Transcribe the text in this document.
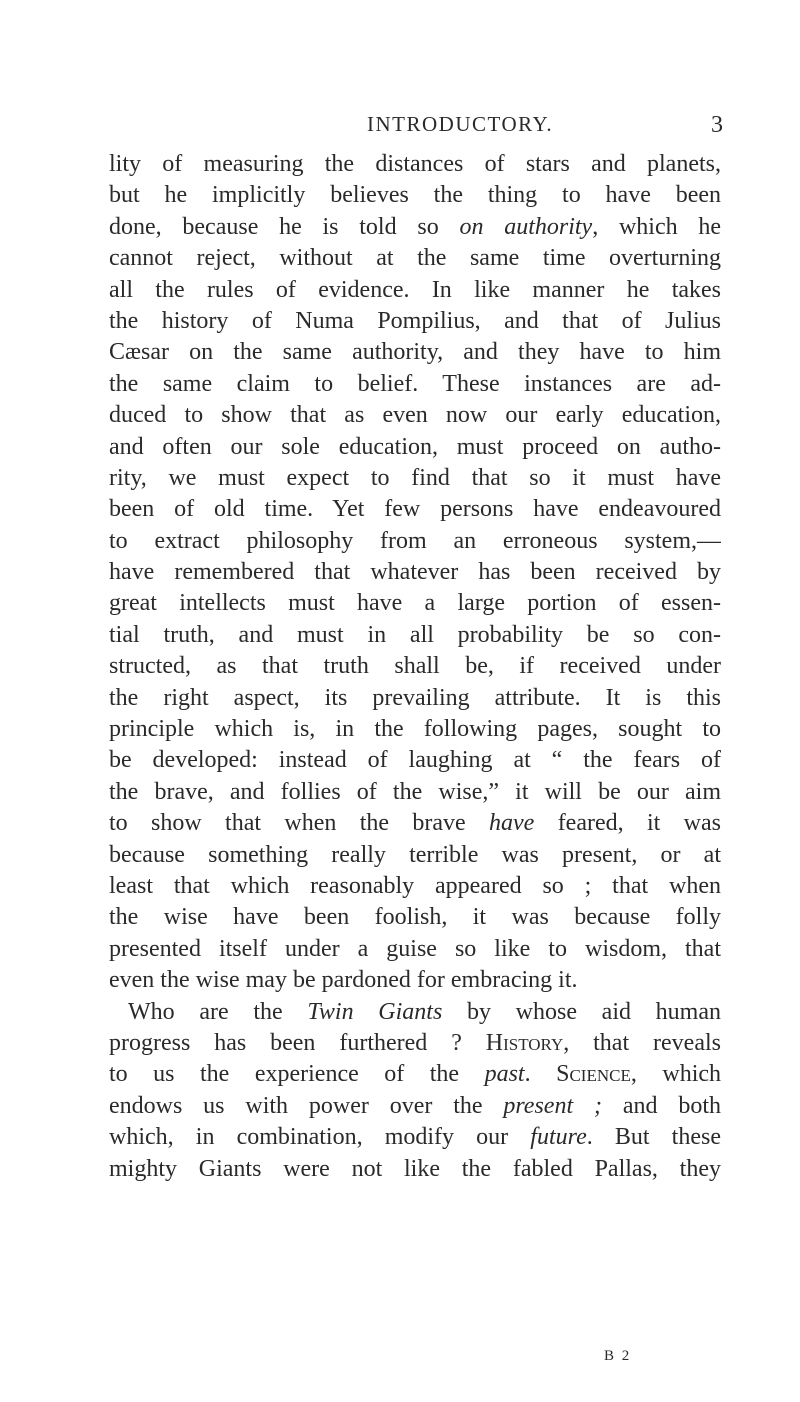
INTRODUCTORY.	3
lity of measuring the distances of stars and planets,
but he implicitly believes the thing to have been
done, because he is told so on authority, which he
cannot reject, without at the same time overturning
all the rules of evidence. In like manner he takes
the history of Numa Pompilius, and that of Julius
Cæsar on the same authority, and they have to him
the same claim to belief. These instances are ad-
duced to show that as even now our early education,
and often our sole education, must proceed on autho-
rity, we must expect to find that so it must have
been of old time. Yet few persons have endeavoured
to extract philosophy from an erroneous system,—
have remembered that whatever has been received by
great intellects must have a large portion of essen-
tial truth, and must in all probability be so con-
structed, as that truth shall be, if received under
the right aspect, its prevailing attribute. It is this
principle which is, in the following pages, sought to
be developed: instead of laughing at “ the fears of
the brave, and follies of the wise,” it will be our aim
to show that when the brave have feared, it was
because something really terrible was present, or at
least that which reasonably appeared so ; that when
the wise have been foolish, it was because folly
presented itself under a guise so like to wisdom, that
even the wise may be pardoned for embracing it.
Who are the Twin Giants by whose aid human
progress has been furthered ? History, that reveals
to us the experience of the past. Science, which
endows us with power over the present ; and both
which, in combination, modify our future. But these
mighty Giants were not like the fabled Pallas, they
B 2
